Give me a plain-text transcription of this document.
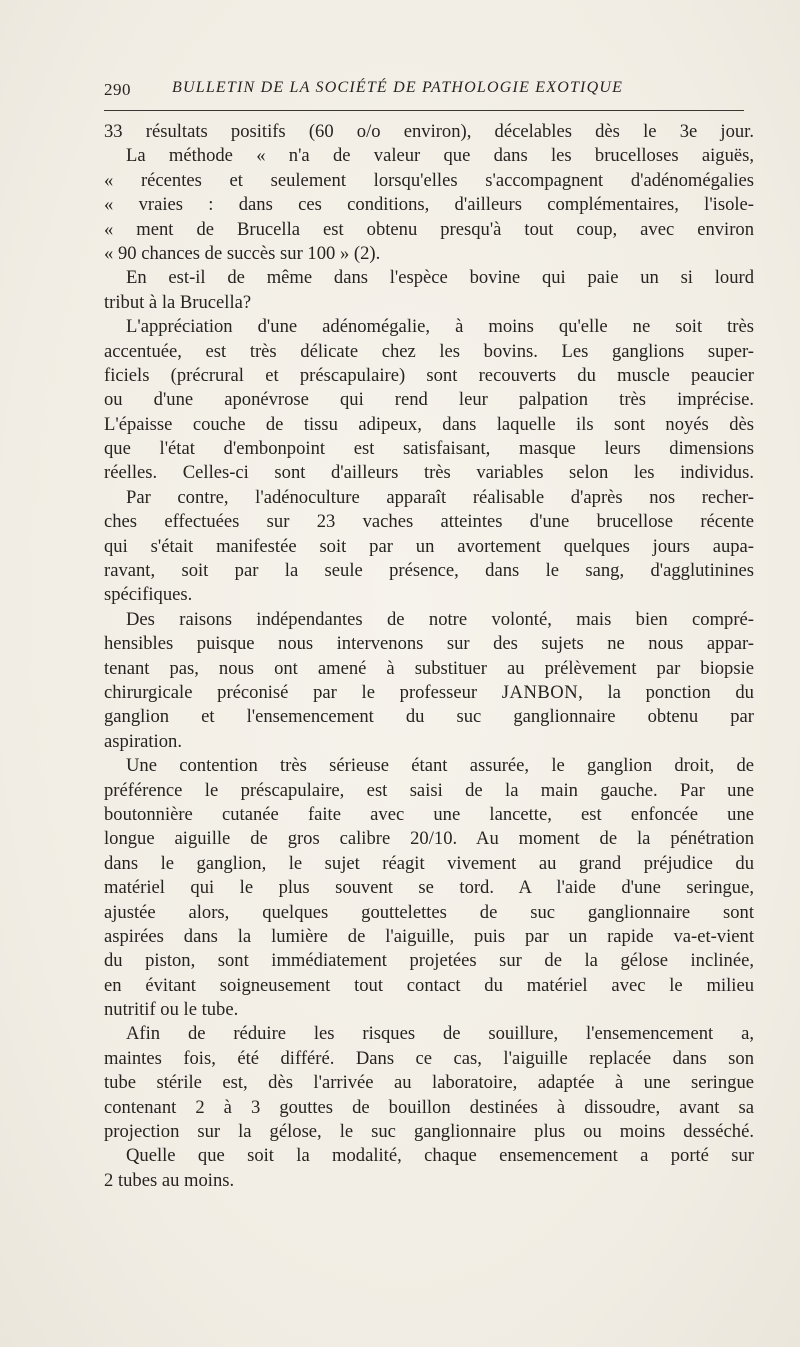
290	BULLETIN DE LA SOCIÉTÉ DE PATHOLOGIE EXOTIQUE
33 résultats positifs (60 o/o environ), décelables dès le 3e jour.
La méthode « n'a de valeur que dans les brucelloses aiguës,
« récentes et seulement lorsqu'elles s'accompagnent d'adénomégalies
« vraies : dans ces conditions, d'ailleurs complémentaires, l'isole-
« ment de Brucella est obtenu presqu'à tout coup, avec environ
« 90 chances de succès sur 100 » (2).
En est-il de même dans l'espèce bovine qui paie un si lourd
tribut à la Brucella?
L'appréciation d'une adénomégalie, à moins qu'elle ne soit très
accentuée, est très délicate chez les bovins. Les ganglions super-
ficiels (précrural et préscapulaire) sont recouverts du muscle peaucier
ou d'une aponévrose qui rend leur palpation très imprécise.
L'épaisse couche de tissu adipeux, dans laquelle ils sont noyés dès
que l'état d'embonpoint est satisfaisant, masque leurs dimensions
réelles. Celles-ci sont d'ailleurs très variables selon les individus.
Par contre, l'adénoculture apparaît réalisable d'après nos recher-
ches effectuées sur 23 vaches atteintes d'une brucellose récente
qui s'était manifestée soit par un avortement quelques jours aupa-
ravant, soit par la seule présence, dans le sang, d'agglutinines
spécifiques.
Des raisons indépendantes de notre volonté, mais bien compré-
hensibles puisque nous intervenons sur des sujets ne nous appar-
tenant pas, nous ont amené à substituer au prélèvement par biopsie
chirurgicale préconisé par le professeur JANBON, la ponction du
ganglion et l'ensemencement du suc ganglionnaire obtenu par
aspiration.
Une contention très sérieuse étant assurée, le ganglion droit, de
préférence le préscapulaire, est saisi de la main gauche. Par une
boutonnière cutanée faite avec une lancette, est enfoncée une
longue aiguille de gros calibre 20/10. Au moment de la pénétration
dans le ganglion, le sujet réagit vivement au grand préjudice du
matériel qui le plus souvent se tord. A l'aide d'une seringue,
ajustée alors, quelques gouttelettes de suc ganglionnaire sont
aspirées dans la lumière de l'aiguille, puis par un rapide va-et-vient
du piston, sont immédiatement projetées sur de la gélose inclinée,
en évitant soigneusement tout contact du matériel avec le milieu
nutritif ou le tube.
Afin de réduire les risques de souillure, l'ensemencement a,
maintes fois, été différé. Dans ce cas, l'aiguille replacée dans son
tube stérile est, dès l'arrivée au laboratoire, adaptée à une seringue
contenant 2 à 3 gouttes de bouillon destinées à dissoudre, avant sa
projection sur la gélose, le suc ganglionnaire plus ou moins desséché.
Quelle que soit la modalité, chaque ensemencement a porté sur
2 tubes au moins.
